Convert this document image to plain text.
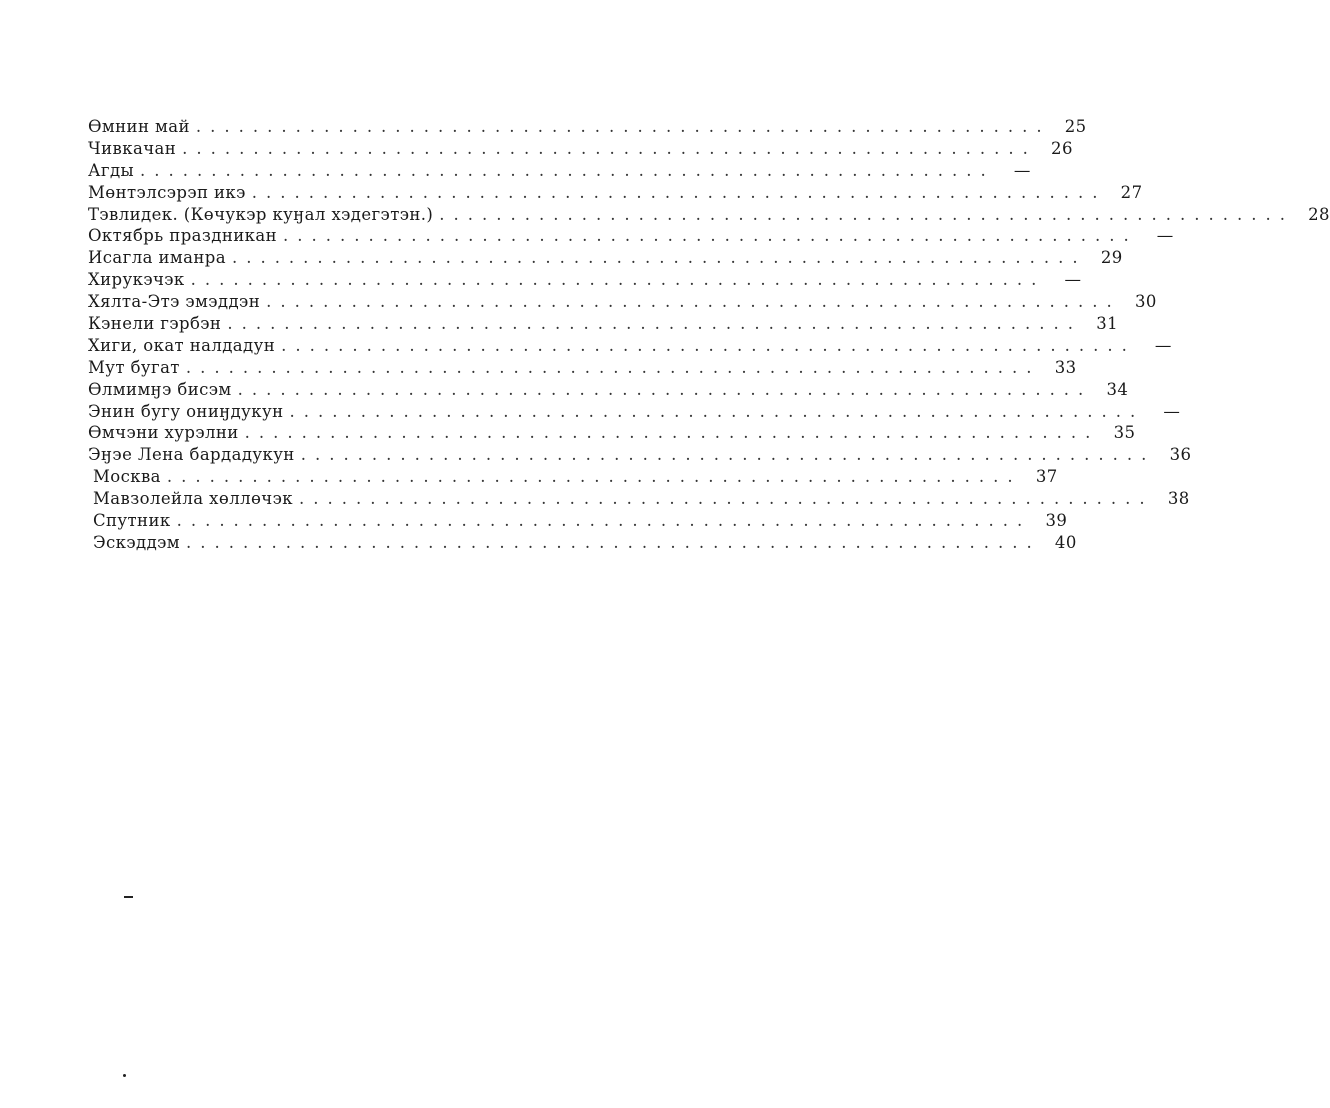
Өмнин май ............................................................ 25
Чивкачан ............................................................ 26
Агды ............................................................	—
Мөнтэлсэрэп икэ ............................................................ 27
Тэвлидек. (Көчукэр куӈал хэдегэтэн.) ............................................................ 28
Октябрь праздникан ............................................................	—
Исагла иманра ............................................................ 29
Хирукэчэк ............................................................	—
Хялта-Этэ эмэддэн ............................................................ 30
Кэнели гэрбэн ............................................................ 31
Хиги, окат налдадун ............................................................	—
Мут бугат ............................................................ 33
Өлмимӈэ бисэм ............................................................ 34
Энин бугу ониӈдукун ............................................................	—
Өмчэни хурэлни ............................................................ 35
Эӈэе Лена бардадукун ............................................................ 36
Москва ............................................................ 37
Мавзолейла хөллөчэк ............................................................ 38
Спутник ............................................................ 39
Эскэддэм ............................................................ 40
